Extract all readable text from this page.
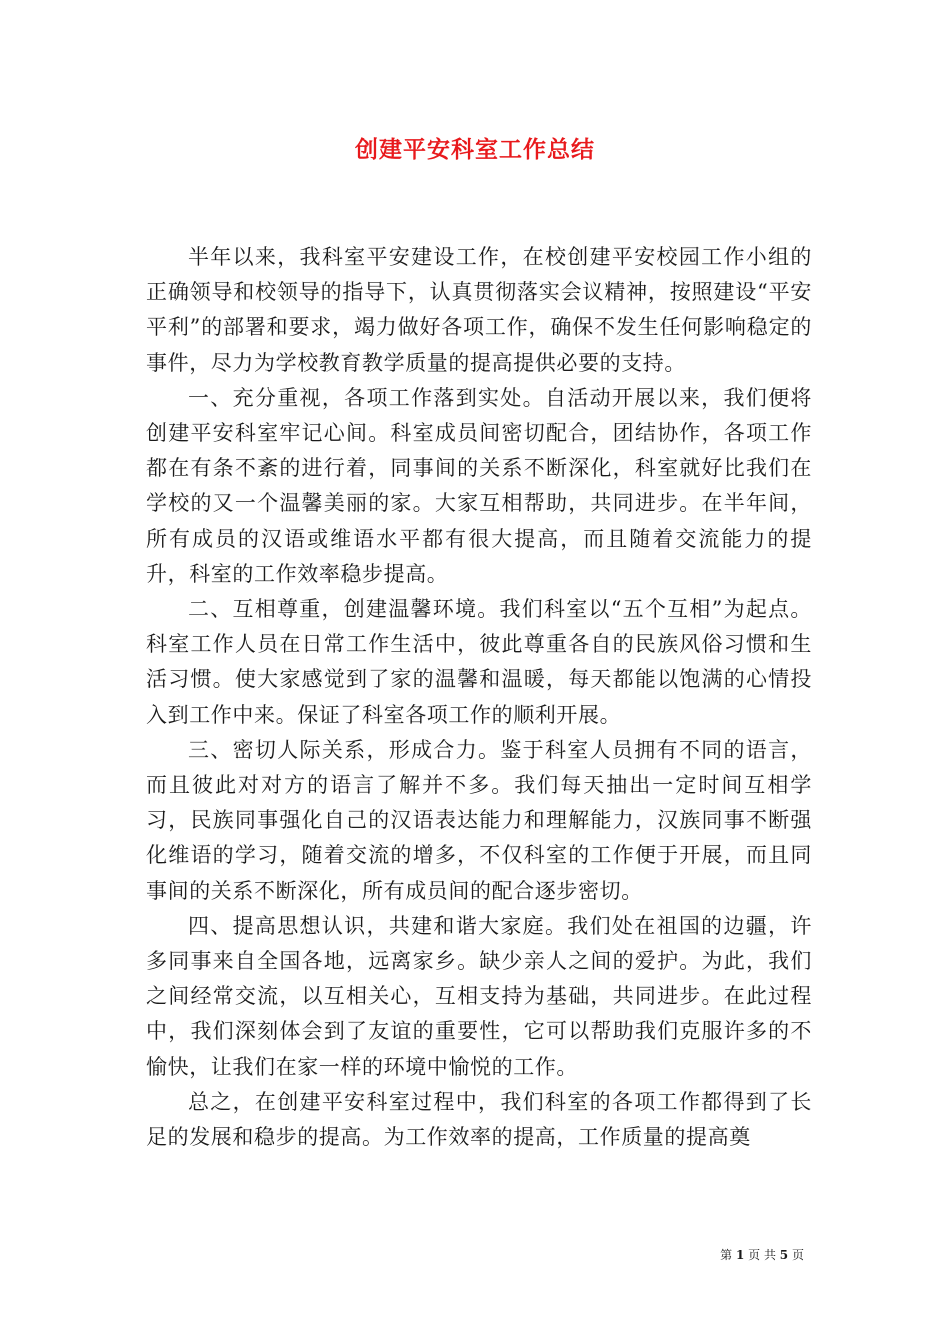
创建平安科室工作总结

半年以来，我科室平安建设工作，在校创建平安校园工作小组的正确领导和校领导的指导下，认真贯彻落实会议精神，按照建设“平安平利”的部署和要求，竭力做好各项工作，确保不发生任何影响稳定的事件，尽力为学校教育教学质量的提高提供必要的支持。

一、充分重视，各项工作落到实处。自活动开展以来，我们便将创建平安科室牢记心间。科室成员间密切配合，团结协作，各项工作都在有条不紊的进行着，同事间的关系不断深化，科室就好比我们在学校的又一个温馨美丽的家。大家互相帮助，共同进步。在半年间，所有成员的汉语或维语水平都有很大提高，而且随着交流能力的提升，科室的工作效率稳步提高。

二、互相尊重，创建温馨环境。我们科室以“五个互相”为起点。科室工作人员在日常工作生活中，彼此尊重各自的民族风俗习惯和生活习惯。使大家感觉到了家的温馨和温暖，每天都能以饱满的心情投入到工作中来。保证了科室各项工作的顺利开展。

三、密切人际关系，形成合力。鉴于科室人员拥有不同的语言，而且彼此对对方的语言了解并不多。我们每天抽出一定时间互相学习，民族同事强化自己的汉语表达能力和理解能力，汉族同事不断强化维语的学习，随着交流的增多，不仅科室的工作便于开展，而且同事间的关系不断深化，所有成员间的配合逐步密切。

四、提高思想认识，共建和谐大家庭。我们处在祖国的边疆，许多同事来自全国各地，远离家乡。缺少亲人之间的爱护。为此，我们之间经常交流，以互相关心，互相支持为基础，共同进步。在此过程中，我们深刻体会到了友谊的重要性，它可以帮助我们克服许多的不愉快，让我们在家一样的环境中愉悦的工作。

总之，在创建平安科室过程中，我们科室的各项工作都得到了长足的发展和稳步的提高。为工作效率的提高，工作质量的提高奠

第 1 页 共 5 页
